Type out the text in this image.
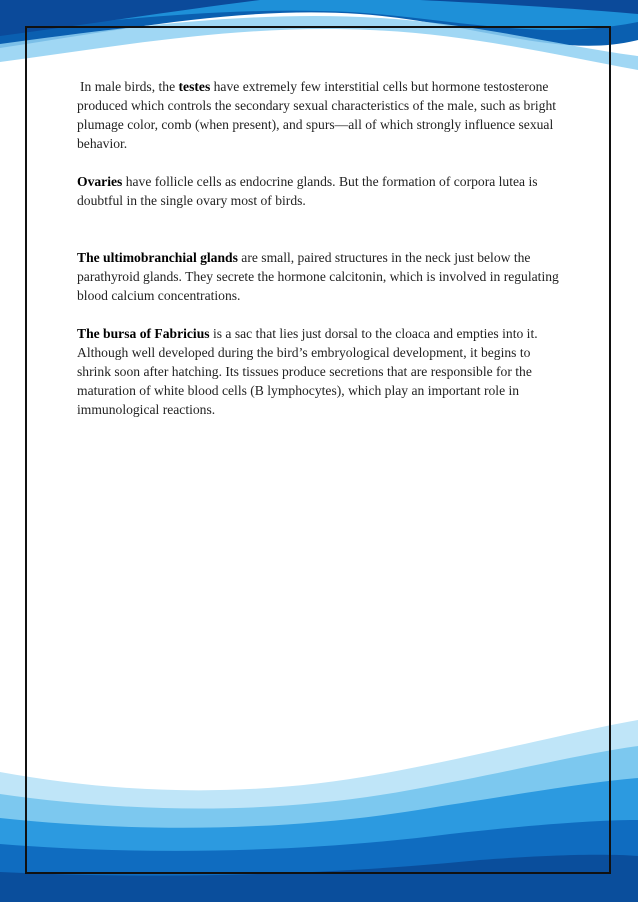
In male birds, the testes have extremely few interstitial cells but hormone testosterone produced which controls the secondary sexual characteristics of the male, such as bright plumage color, comb (when present), and spurs—all of which strongly influence sexual behavior.

Ovaries have follicle cells as endocrine glands. But the formation of corpora lutea is doubtful in the single ovary most of birds.

The ultimobranchial glands are small, paired structures in the neck just below the parathyroid glands. They secrete the hormone calcitonin, which is involved in regulating blood calcium concentrations.

The bursa of Fabricius is a sac that lies just dorsal to the cloaca and empties into it. Although well developed during the bird’s embryological development, it begins to shrink soon after hatching. Its tissues produce secretions that are responsible for the maturation of white blood cells (B lymphocytes), which play an important role in immunological reactions.
